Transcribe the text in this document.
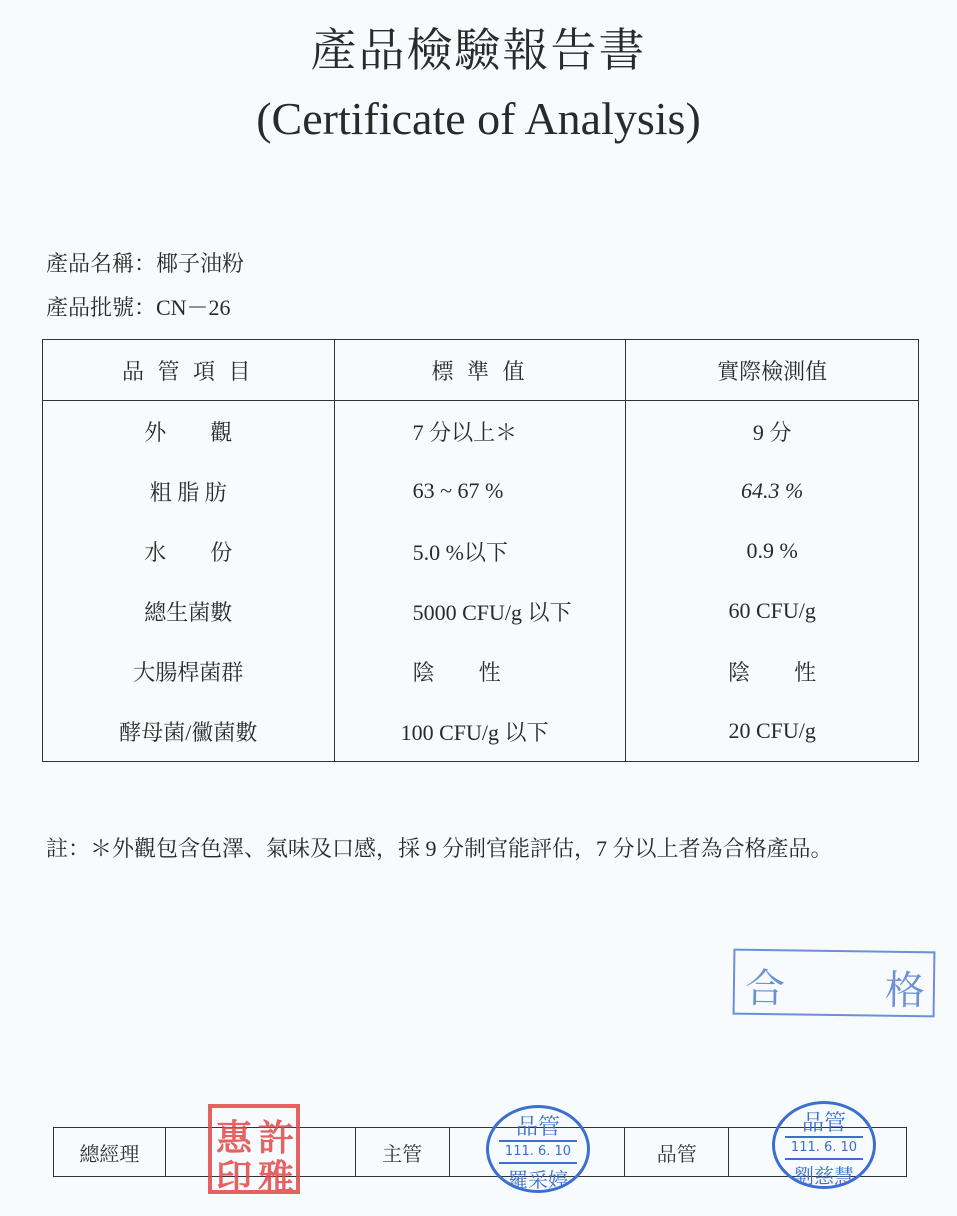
產品檢驗報告書
(Certificate of Analysis)
產品名稱：椰子油粉
產品批號：CN－26
品 管 項 目	標 準 值	實際檢測值
外　　觀	7 分以上＊	9 分
粗 脂 肪	63 ~ 67 %	64.3 %
水　　份	5.0 %以下	0.9 %
總生菌數	5000 CFU/g 以下	60 CFU/g
大腸桿菌群	陰　　性	陰　　性
酵母菌/黴菌數	100 CFU/g 以下	20 CFU/g
註：＊外觀包含色澤、氣味及口感，採 9 分制官能評估，7 分以上者為合格產品。
合 格
總經理		主管		品管	
許
雅
惠
印
品管
111. 6. 10
羅采婷
品管
111. 6. 10
劉慈慧
